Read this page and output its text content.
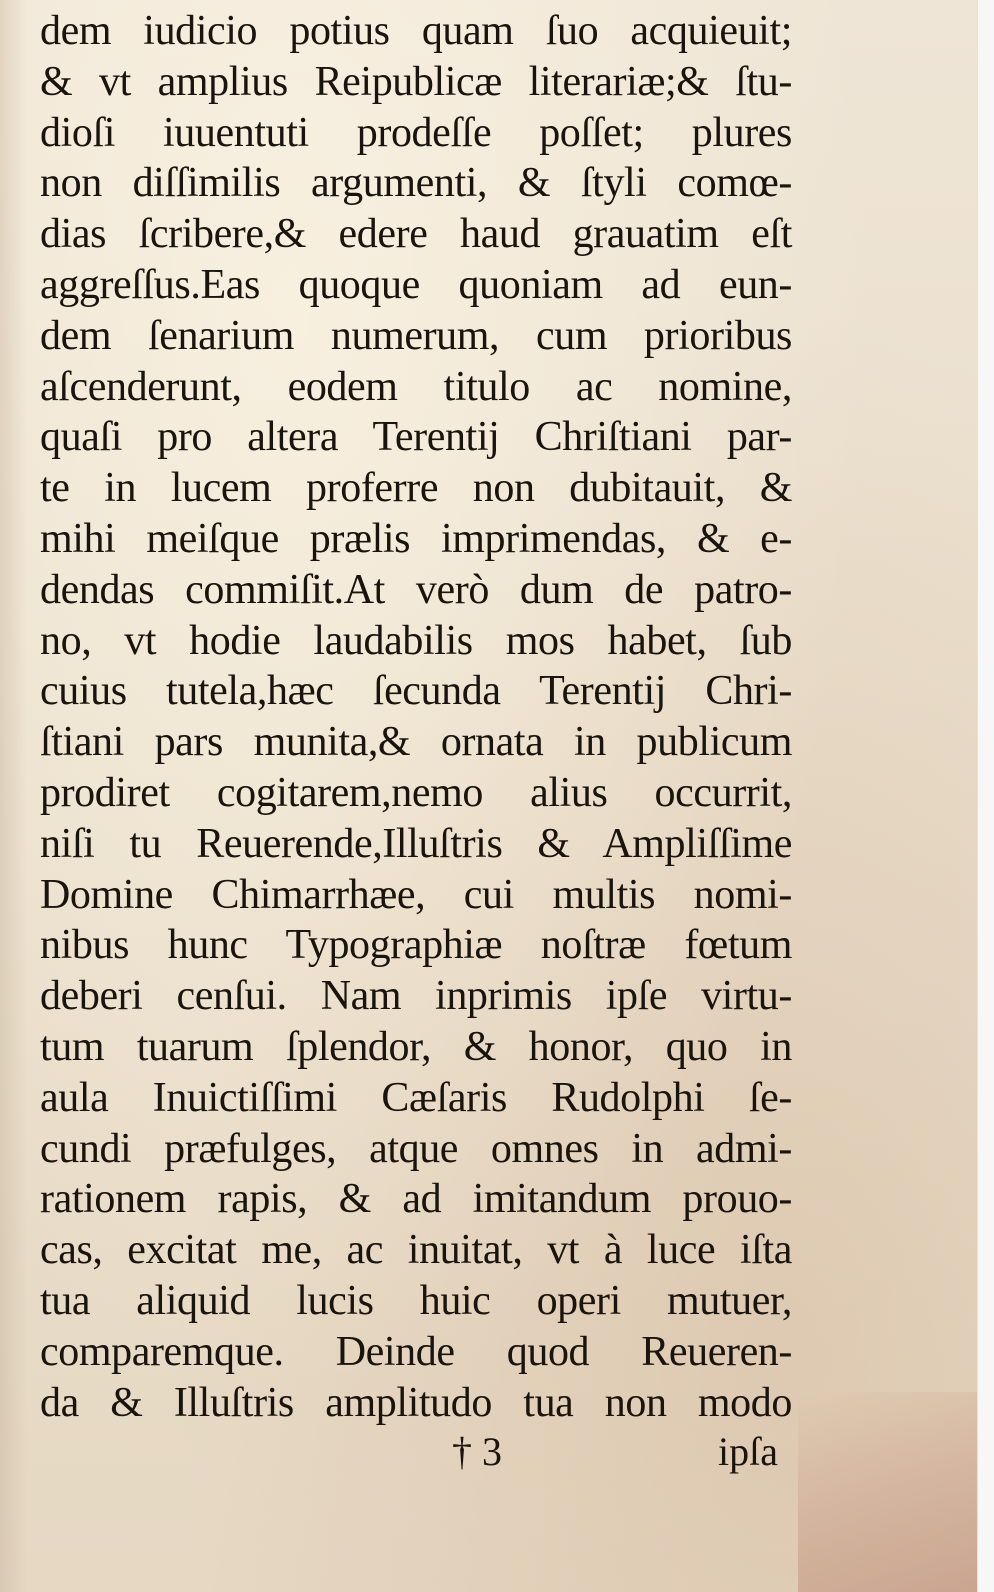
dem iudicio potius quam ſuo acquieuit;
& vt amplius Reipublicæ literariæ;& ſtu-
dioſi iuuentuti prodeſſe poſſet; plures
non diſſimilis argumenti, & ſtyli comœ-
dias ſcribere,& edere haud grauatim eſt
aggreſſus.Eas quoque quoniam ad eun-
dem ſenarium numerum, cum prioribus
aſcenderunt, eodem titulo ac nomine,
quaſi pro altera Terentij Chriſtiani par-
te in lucem proferre non dubitauit, &
mihi meiſque prælis imprimendas, & e-
dendas commiſit.At verò dum de patro-
no, vt hodie laudabilis mos habet, ſub
cuius tutela,hæc ſecunda Terentij Chri-
ſtiani pars munita,& ornata in publicum
prodiret cogitarem,nemo alius occurrit,
niſi tu Reuerende,Illuſtris & Ampliſſime
Domine Chimarrhæe, cui multis nomi-
nibus hunc Typographiæ noſtræ fœtum
deberi cenſui. Nam inprimis ipſe virtu-
tum tuarum ſplendor, & honor, quo in
aula Inuictiſſimi Cæſaris Rudolphi ſe-
cundi præfulges, atque omnes in admi-
rationem rapis, & ad imitandum prouo-
cas, excitat me, ac inuitat, vt à luce iſta
tua aliquid lucis huic operi mutuer,
comparemque. Deinde quod Reueren-
da & Illuſtris amplitudo tua non modo
† 3	ipſa
